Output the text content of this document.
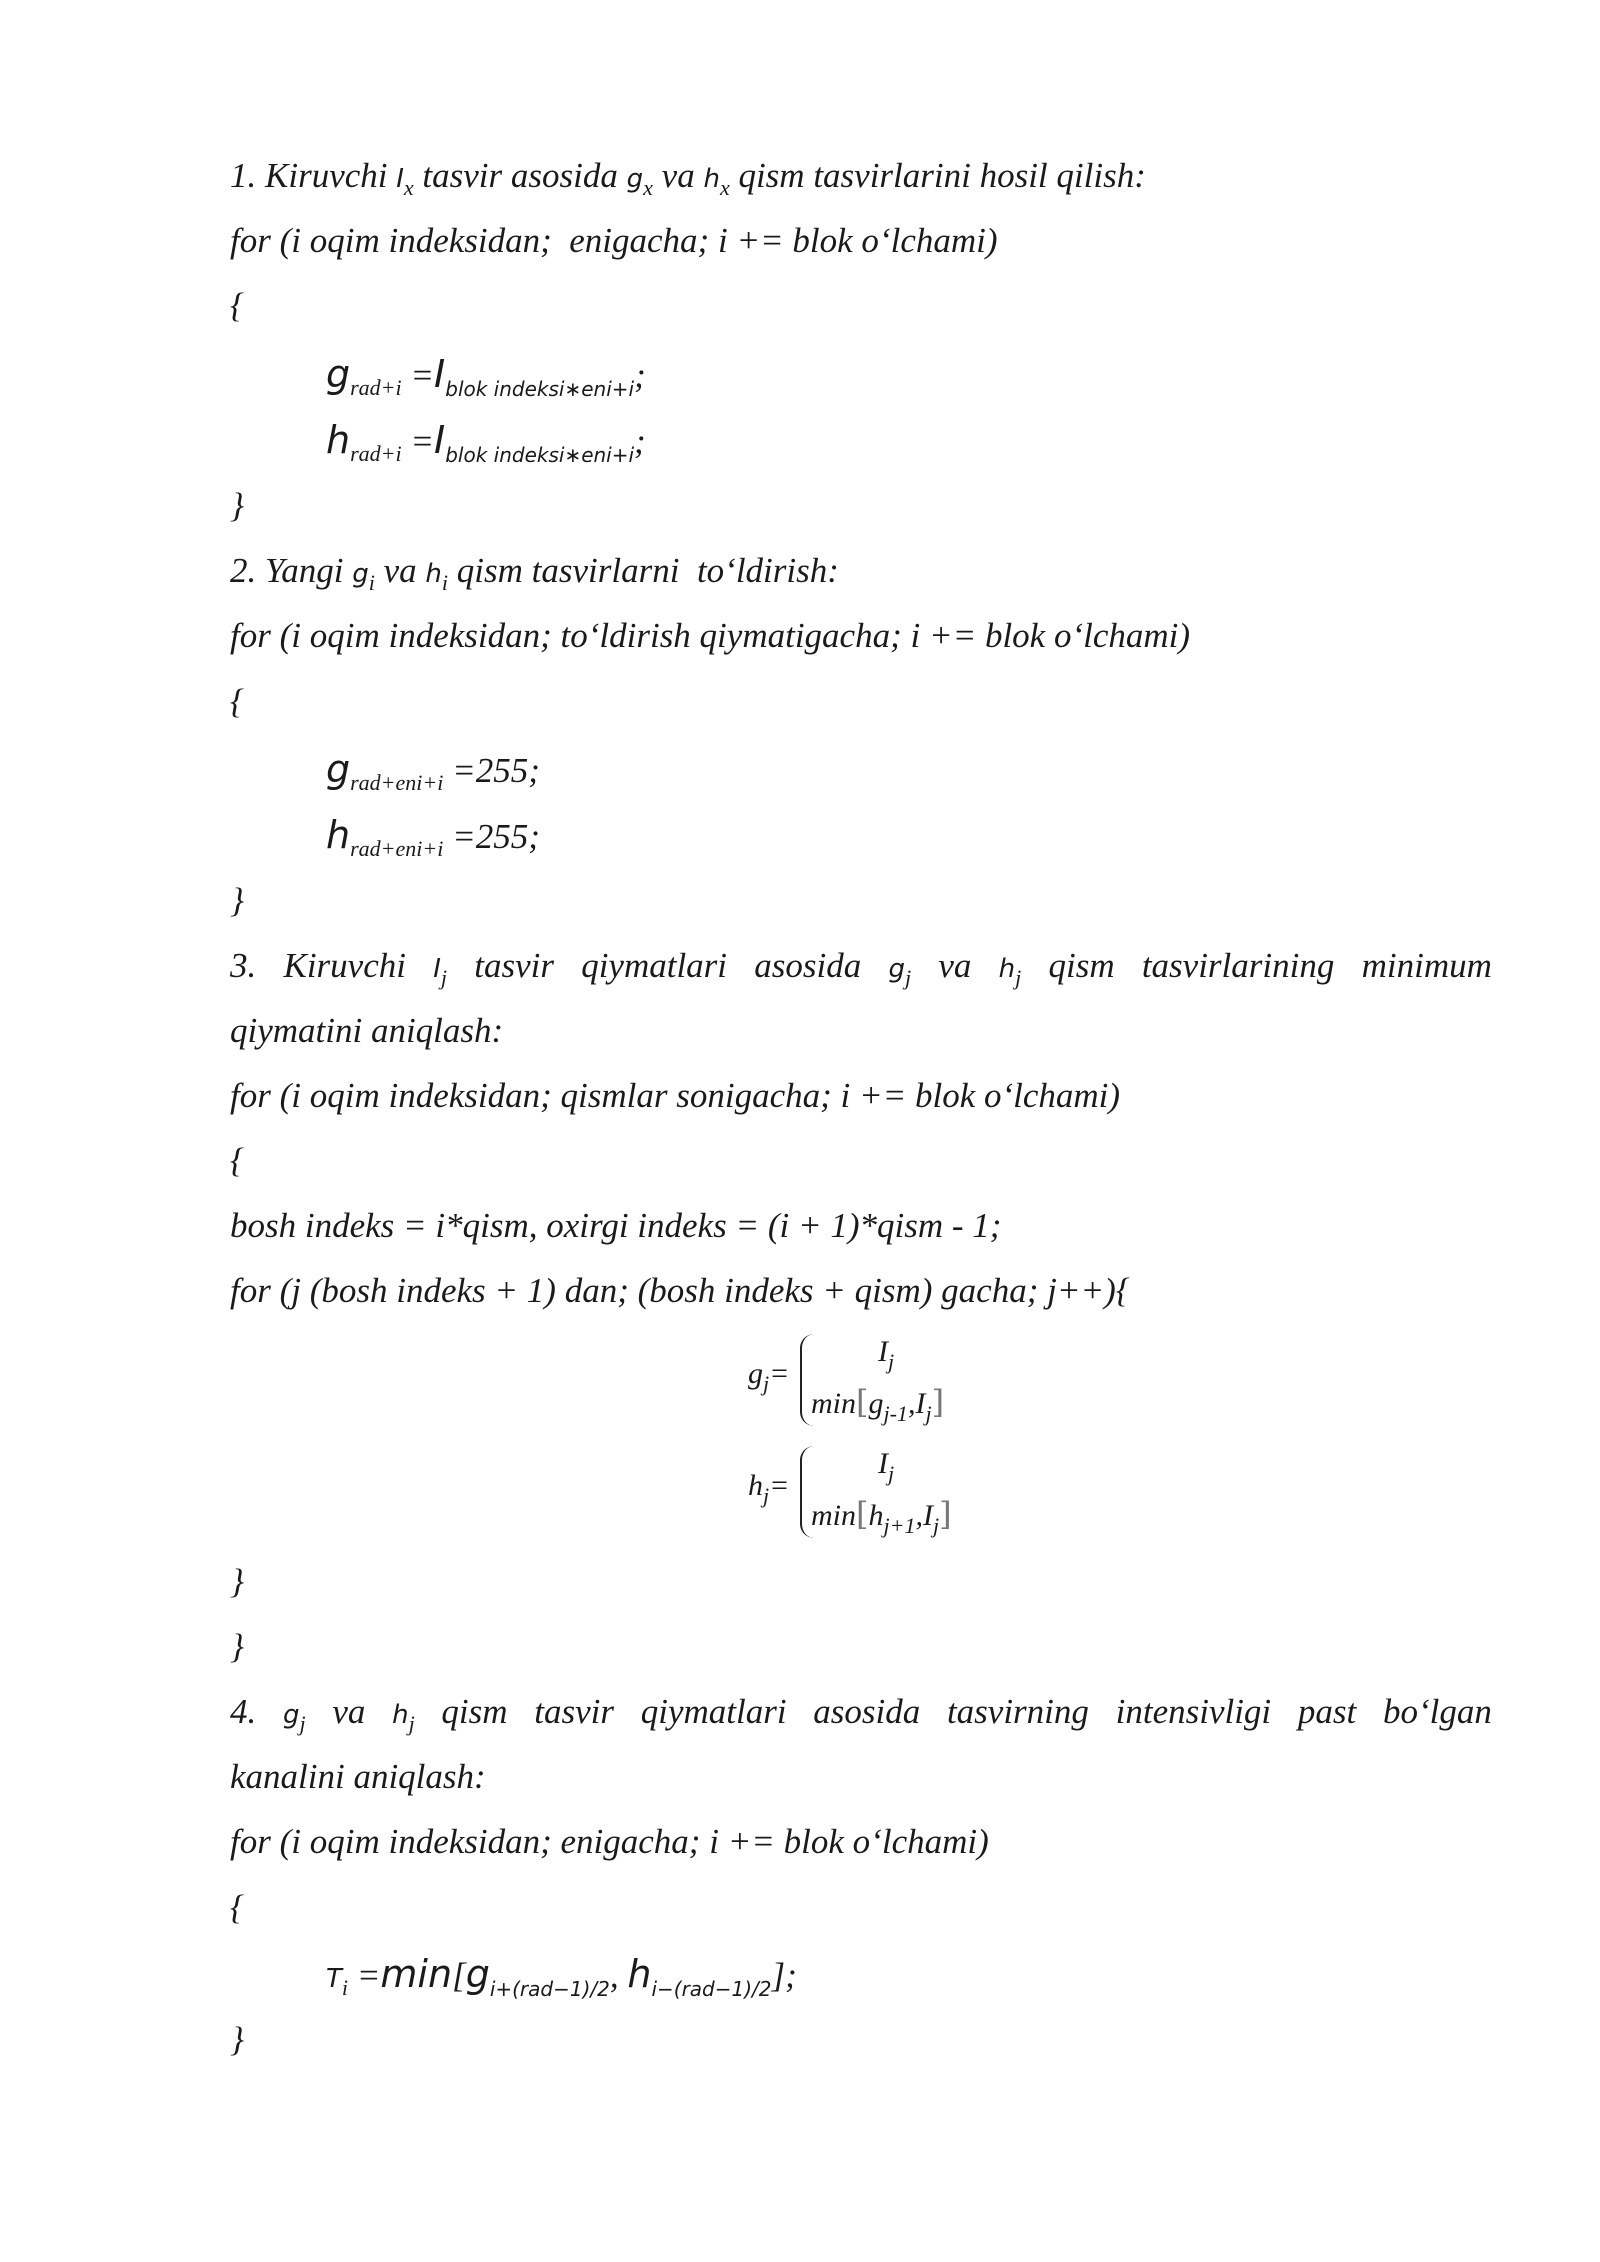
1. Kiruvchi $I_x$ tasvir asosida $g_x$ va $h_x$ qism tasvirlarini hosil qilish:
for (i oqim indeksidan;  enigacha; i += blok o‘lchami)
{
$g_{rad+i} =I_{blok indeksi∗eni+i}$;
$h_{rad+i} =I_{blok indeksi∗eni+i}$;
}
2. Yangi $g_i$ va $h_i$ qism tasvirlarni  to‘ldirish:
for (i oqim indeksidan; to‘ldirish qiymatigacha; i += blok o‘lchami)
{
$g_{rad+eni+i} =255$;
$h_{rad+eni+i} =255$;
}
3. Kiruvchi $I_j$ tasvir qiymatlari asosida $g_j$ va $h_j$ qism tasvirlarining minimum
qiymatini aniqlash:
for (i oqim indeksidan; qismlar sonigacha; i += blok o‘lchami)
{
bosh indeks = i*qism, oxirgi indeks = (i + 1)*qism - 1;
for (j (bosh indeks + 1) dan; (bosh indeks + qism) gacha; j++){
$g_j=$
$I_j$
$\min[g_{j-1},I_j]$
$h_j=$
$I_j$
$\min[h_{j+1},I_j]$
}
}
4. $g_j$ va $h_j$ qism tasvir qiymatlari asosida tasvirning intensivligi past bo‘lgan
kanalini aniqlash:
for (i oqim indeksidan; enigacha; i += blok o‘lchami)
{
$T_i =\min[g_{i+(rad-1)/2}$, $h_{i-(rad-1)/2}$];
}
